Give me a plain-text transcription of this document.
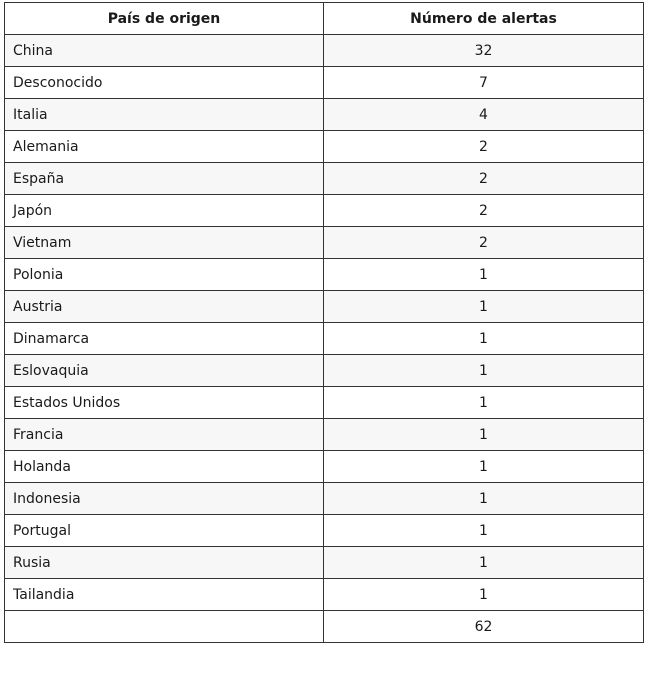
País de origen	Número de alertas
China	32
Desconocido	7
Italia	4
Alemania	2
España	2
Japón	2
Vietnam	2
Polonia	1
Austria	1
Dinamarca	1
Eslovaquia	1
Estados Unidos	1
Francia	1
Holanda	1
Indonesia	1
Portugal	1
Rusia	1
Tailandia	1
	62
